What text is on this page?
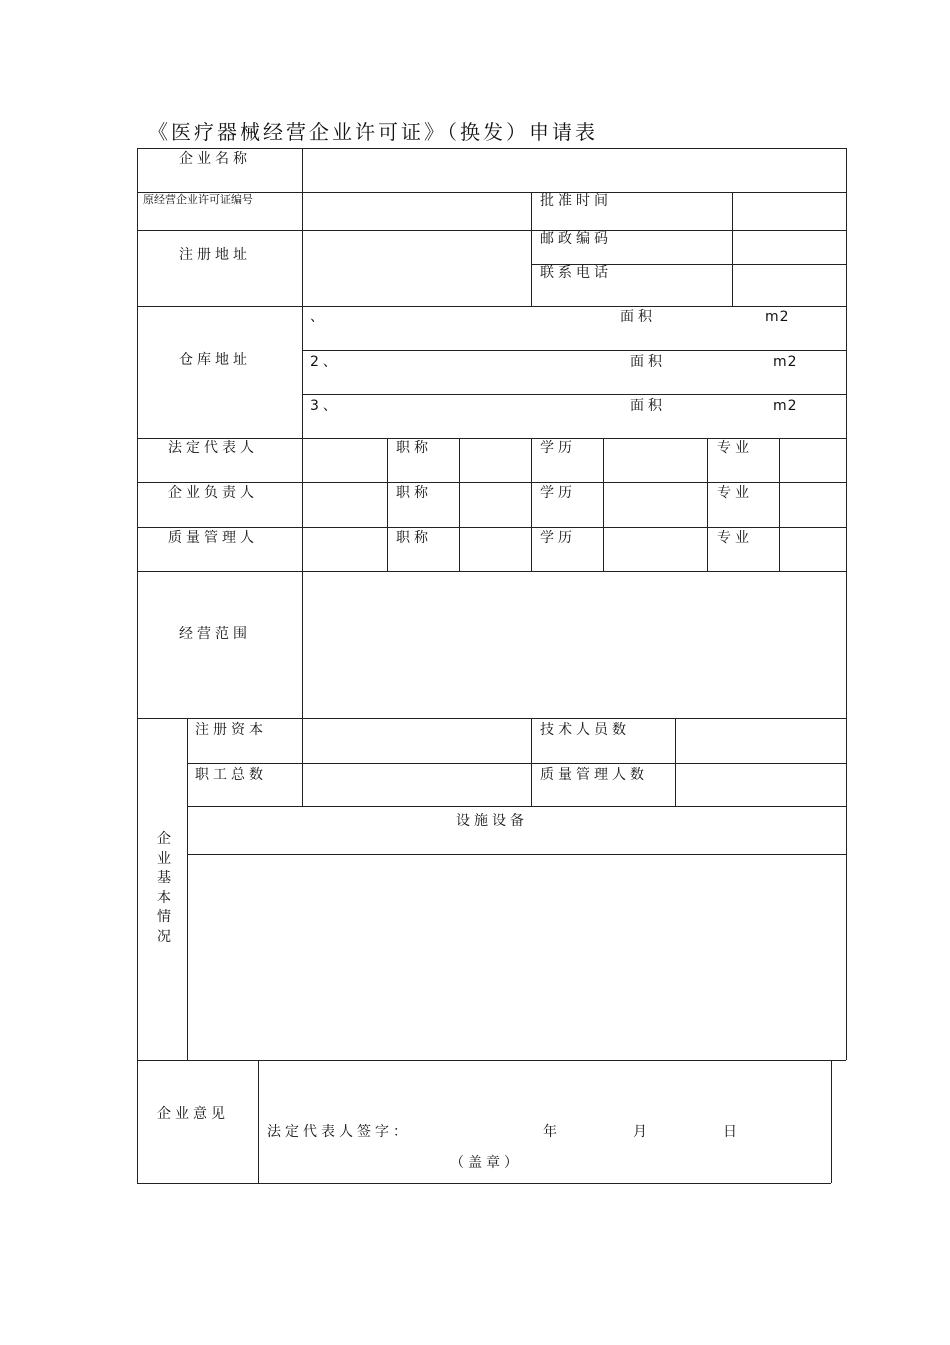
《医疗器械经营企业许可证》（换发）申请表
企业名称
原经营企业许可证编号	批准时间
注册地址
邮政编码
联系电话
仓库地址
、	面积	m2
2、	面积	m2
3、	面积	m2
法定代表人	职称	学历	专业
企业负责人	职称	学历	专业
质量管理人	职称	学历	专业
经营范围
企
业
基
本
情
况
注册资本	技术人员数
职工总数	质量管理人数
设施设备
企业意见
法定代表人签字：	年	月	日
（盖章）
